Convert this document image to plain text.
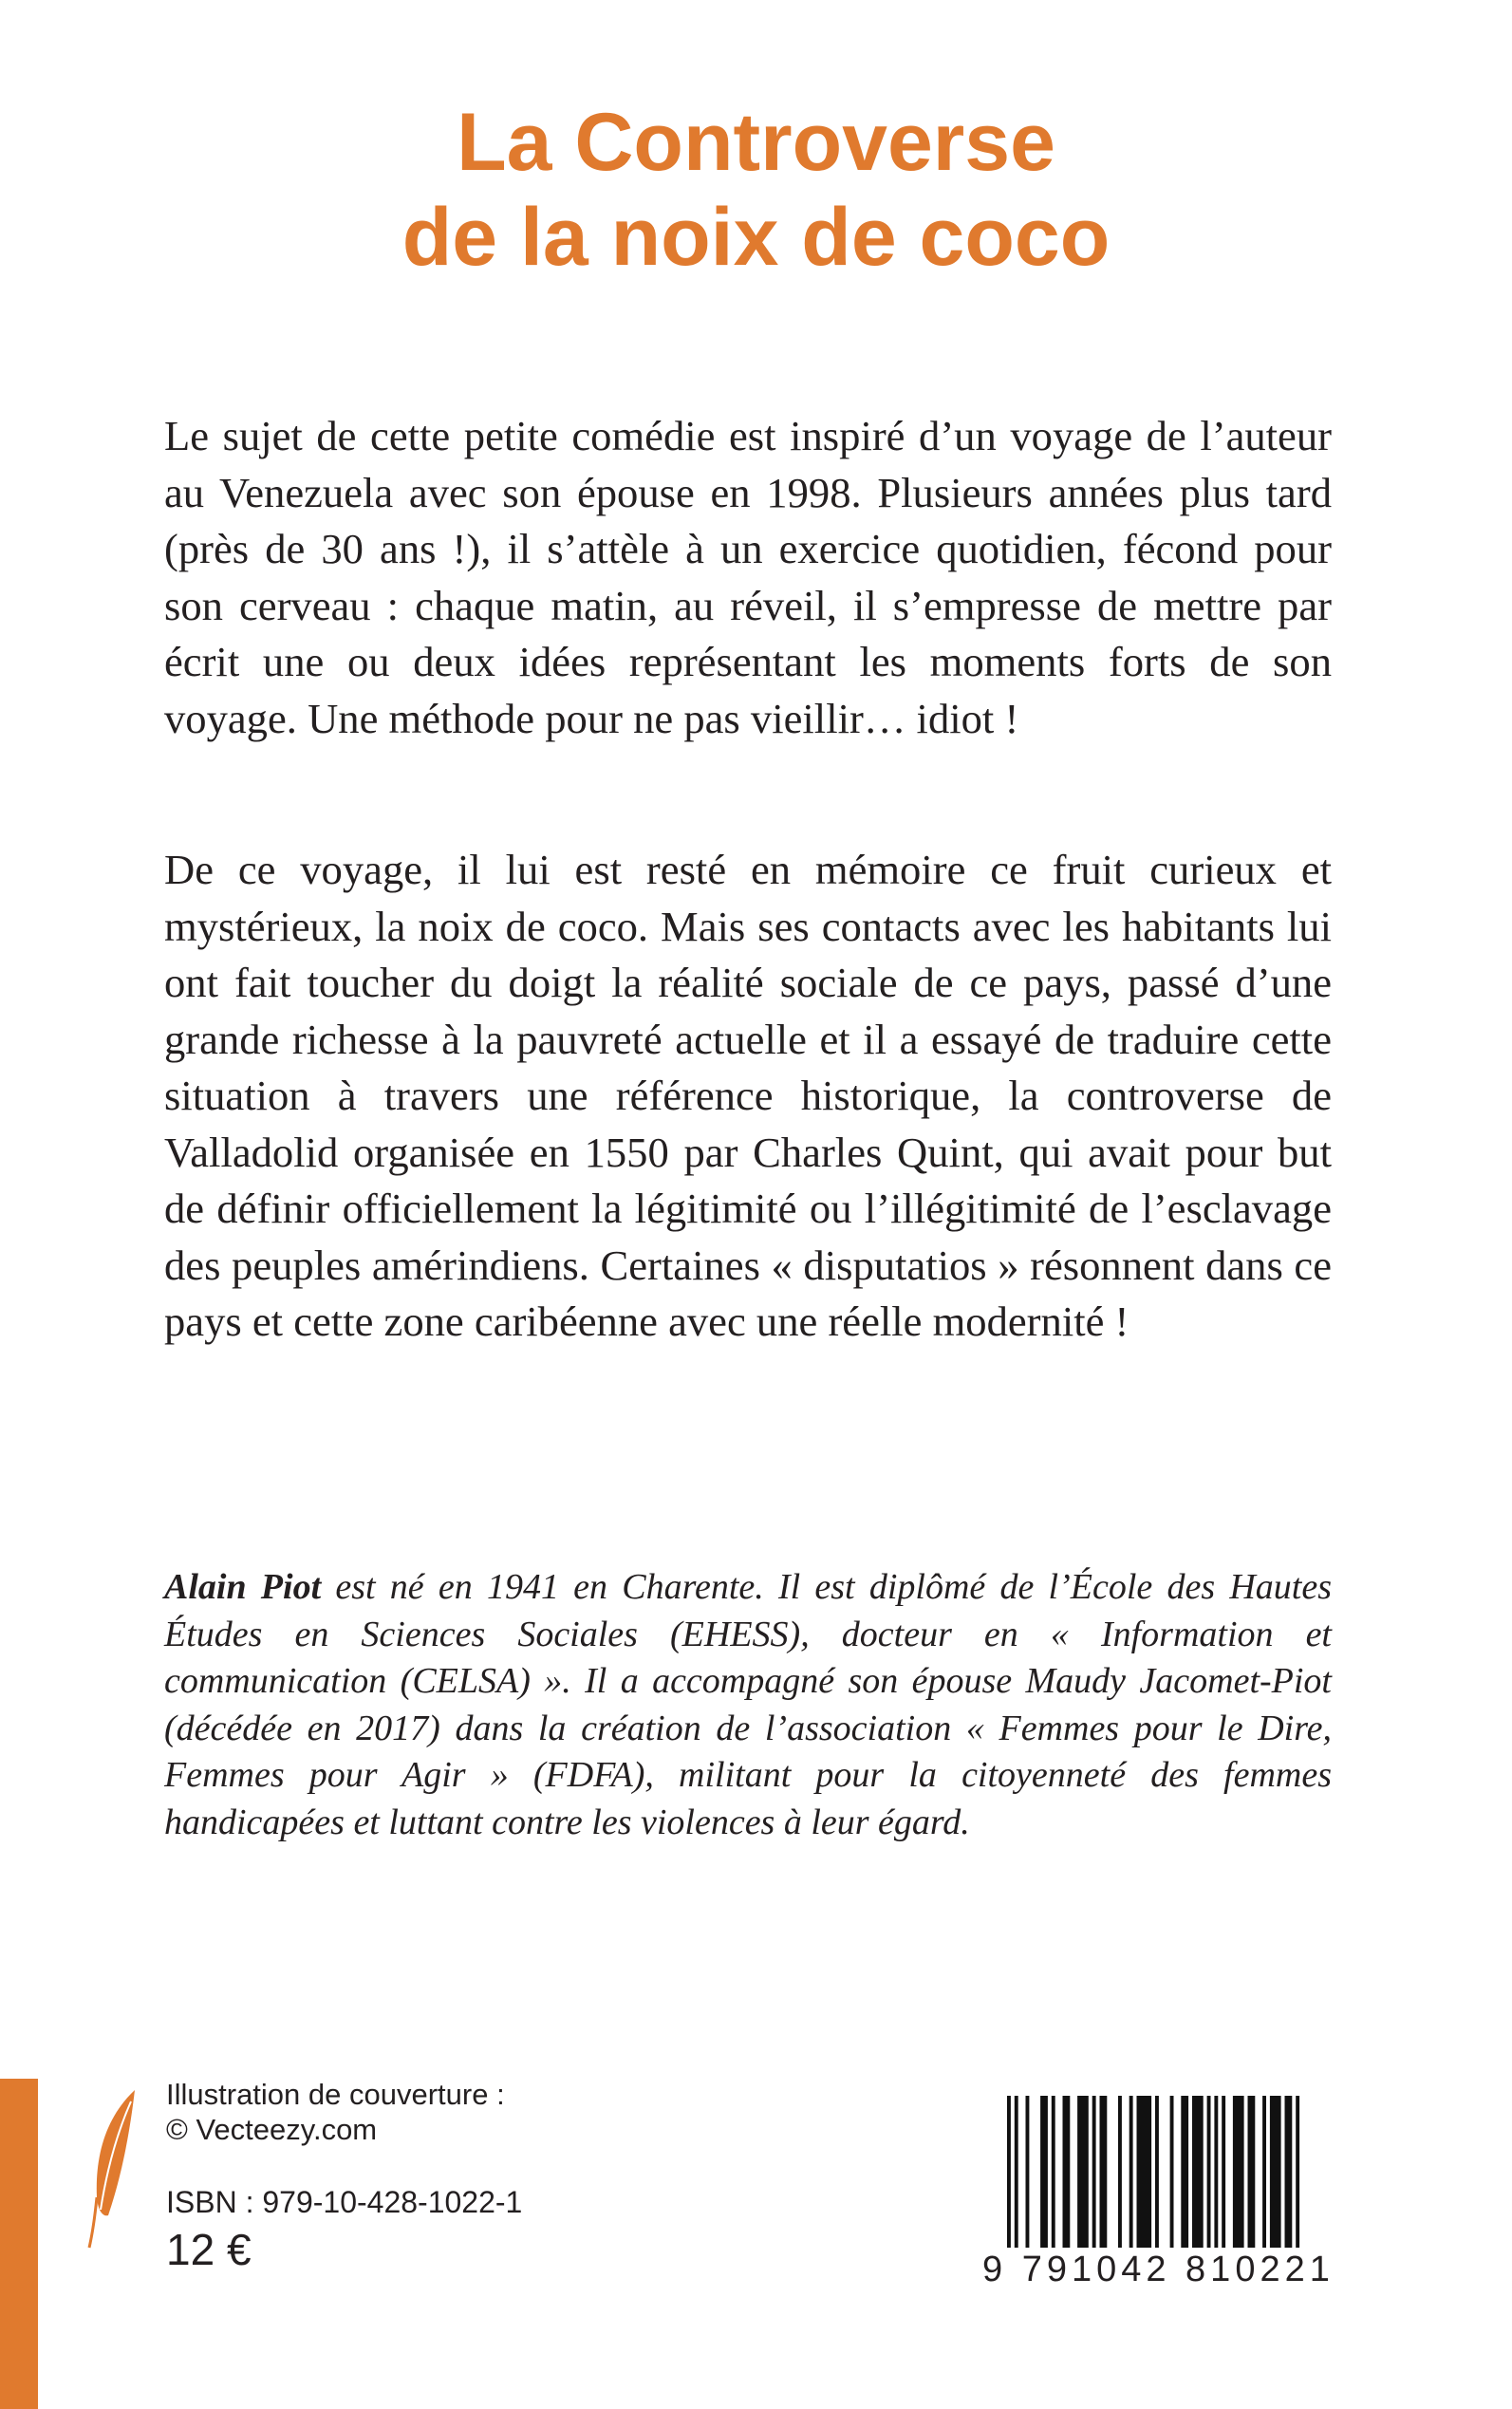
La Controverse
de la noix de coco

Le sujet de cette petite comédie est inspiré d’un voyage de l’auteur au Venezuela avec son épouse en 1998. Plusieurs années plus tard (près de 30 ans !), il s’attèle à un exercice quotidien, fécond pour son cerveau : chaque matin, au réveil, il s’empresse de mettre par écrit une ou deux idées représentant les moments forts de son voyage. Une méthode pour ne pas vieillir… idiot !

De ce voyage, il lui est resté en mémoire ce fruit curieux et mystérieux, la noix de coco. Mais ses contacts avec les habitants lui ont fait toucher du doigt la réalité sociale de ce pays, passé d’une grande richesse à la pauvreté actuelle et il a essayé de traduire cette situation à travers une référence historique, la controverse de Valladolid organisée en 1550 par Charles Quint, qui avait pour but de définir officiellement la légitimité ou l’illégitimité de l’esclavage des peuples amérindiens. Certaines « disputatios » résonnent dans ce pays et cette zone caribéenne avec une réelle modernité !

Alain Piot est né en 1941 en Charente. Il est diplômé de l’École des Hautes Études en Sciences Sociales (EHESS), docteur en « Information et communication (CELSA) ». Il a accompagné son épouse Maudy Jacomet-Piot (décédée en 2017) dans la création de l’association « Femmes pour le Dire, Femmes pour Agir » (FDFA), militant pour la citoyenneté des femmes handicapées et luttant contre les violences à leur égard.

Illustration de couverture :
© Vecteezy.com
ISBN : 979-10-428-1022-1
12 €	9 791042 810221
